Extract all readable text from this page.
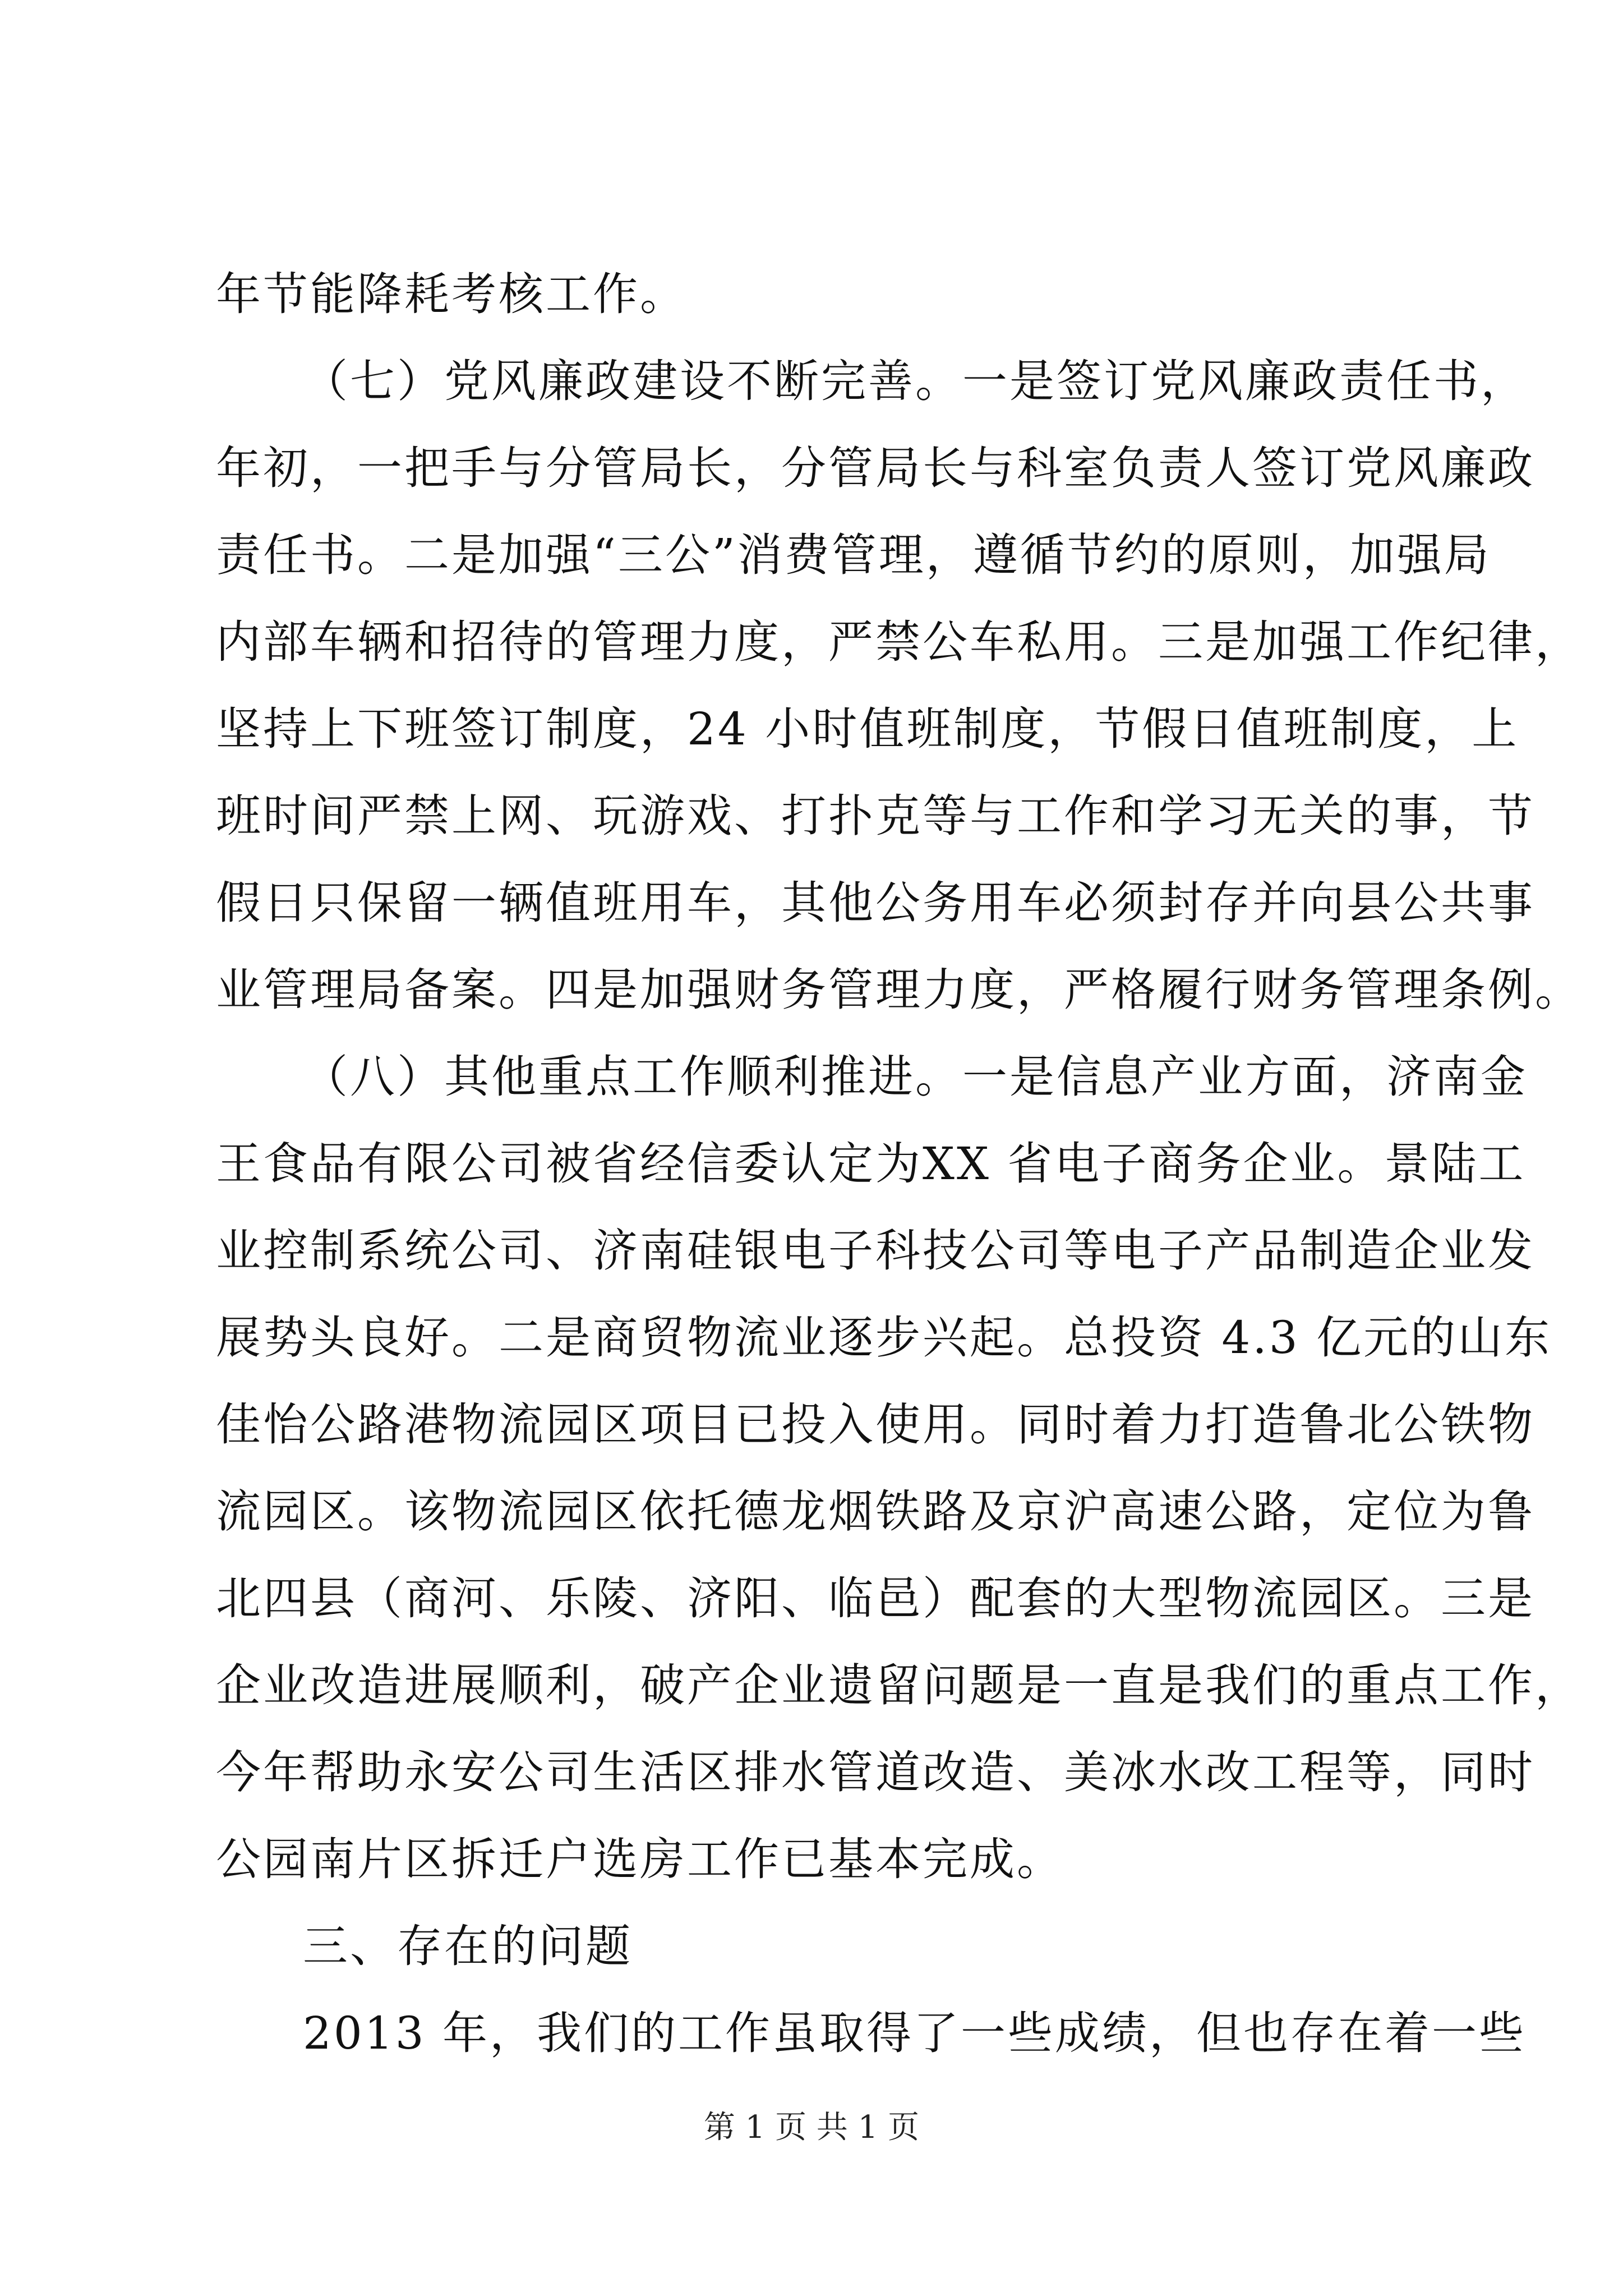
年节能降耗考核工作。
（七）党风廉政建设不断完善。一是签订党风廉政责任书，
年初，一把手与分管局长，分管局长与科室负责人签订党风廉政
责任书。二是加强“三公”消费管理，遵循节约的原则，加强局
内部车辆和招待的管理力度，严禁公车私用。三是加强工作纪律，
坚持上下班签订制度，24 小时值班制度，节假日值班制度，上
班时间严禁上网、玩游戏、打扑克等与工作和学习无关的事，节
假日只保留一辆值班用车，其他公务用车必须封存并向县公共事
业管理局备案。四是加强财务管理力度，严格履行财务管理条例。
（八）其他重点工作顺利推进。一是信息产业方面，济南金
王食品有限公司被省经信委认定为XX 省电子商务企业。景陆工
业控制系统公司、济南硅银电子科技公司等电子产品制造企业发
展势头良好。二是商贸物流业逐步兴起。总投资 4.3 亿元的山东
佳怡公路港物流园区项目已投入使用。同时着力打造鲁北公铁物
流园区。该物流园区依托德龙烟铁路及京沪高速公路，定位为鲁
北四县（商河、乐陵、济阳、临邑）配套的大型物流园区。三是
企业改造进展顺利，破产企业遗留问题是一直是我们的重点工作，
今年帮助永安公司生活区排水管道改造、美冰水改工程等，同时
公园南片区拆迁户选房工作已基本完成。
三、存在的问题
2013 年，我们的工作虽取得了一些成绩，但也存在着一些
第 1 页 共 1 页
